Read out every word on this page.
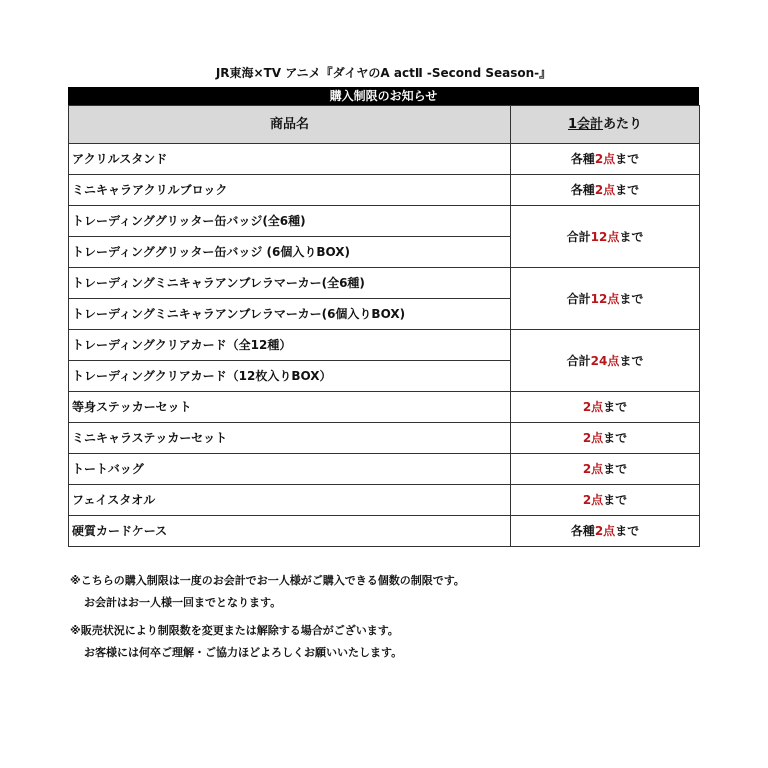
JR東海×TV アニメ『ダイヤのA actⅡ -Second Season-』
購入制限のお知らせ
商品名	1会計あたり
アクリルスタンド	各種2点まで
ミニキャラアクリルブロック	各種2点まで
トレーディンググリッター缶バッジ(全6種)	合計12点まで
トレーディンググリッター缶バッジ (6個入りBOX)	
トレーディングミニキャラアンブレラマーカー(全6種)	合計12点まで
トレーディングミニキャラアンブレラマーカー(6個入りBOX)	
トレーディングクリアカード（全12種）	合計24点まで
トレーディングクリアカード（12枚入りBOX）	
等身ステッカーセット	2点まで
ミニキャラステッカーセット	2点まで
トートバッグ	2点まで
フェイスタオル	2点まで
硬質カードケース	各種2点まで
※こちらの購入制限は一度のお会計でお一人様がご購入できる個数の制限です。
お会計はお一人様一回までとなります。
※販売状況により制限数を変更または解除する場合がございます。
お客様には何卒ご理解・ご協力ほどよろしくお願いいたします。
